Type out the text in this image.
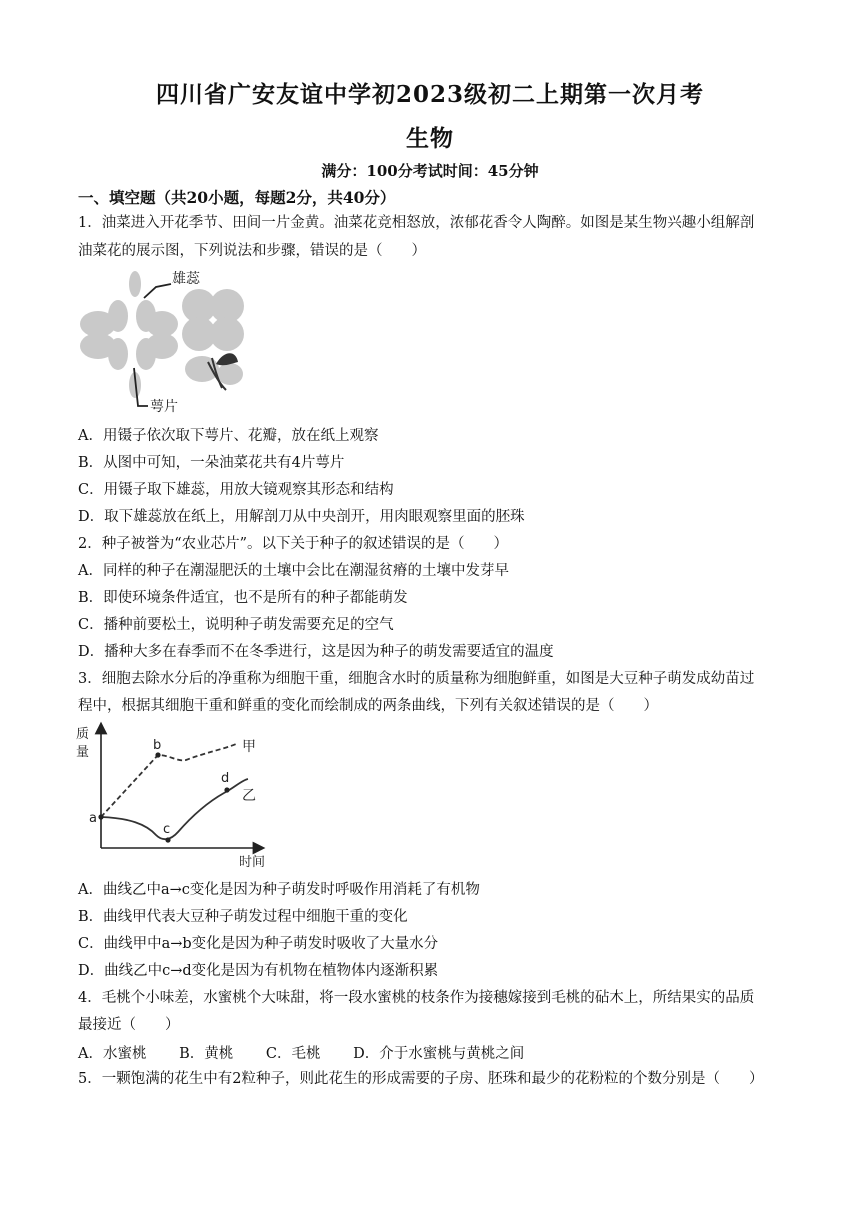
四川省广安友谊中学初2023级初二上期第一次月考
生物
满分：100分考试时间：45分钟
一、填空题（共20小题，每题2分，共40分）
1．油菜进入开花季节、田间一片金黄。油菜花竞相怒放，浓郁花香令人陶醉。如图是某生物兴趣小组解剖
油菜花的展示图，下列说法和步骤，错误的是（　　）
雄蕊
萼片
A．用镊子依次取下萼片、花瓣，放在纸上观察
B．从图中可知，一朵油菜花共有4片萼片
C．用镊子取下雄蕊，用放大镜观察其形态和结构
D．取下雄蕊放在纸上，用解剖刀从中央剖开，用肉眼观察里面的胚珠
2．种子被誉为“农业芯片”。以下关于种子的叙述错误的是（　　）
A．同样的种子在潮湿肥沃的土壤中会比在潮湿贫瘠的土壤中发芽早
B．即使环境条件适宜，也不是所有的种子都能萌发
C．播种前要松土，说明种子萌发需要充足的空气
D．播种大多在春季而不在冬季进行，这是因为种子的萌发需要适宜的温度
3．细胞去除水分后的净重称为细胞干重，细胞含水时的质量称为细胞鲜重，如图是大豆种子萌发成幼苗过
程中，根据其细胞干重和鲜重的变化而绘制成的两条曲线，下列有关叙述错误的是（　　）
质
量
时间
甲
乙
a
b
c
d
A．曲线乙中a→c变化是因为种子萌发时呼吸作用消耗了有机物
B．曲线甲代表大豆种子萌发过程中细胞干重的变化
C．曲线甲中a→b变化是因为种子萌发时吸收了大量水分
D．曲线乙中c→d变化是因为有机物在植物体内逐渐积累
4．毛桃个小味差，水蜜桃个大味甜，将一段水蜜桃的枝条作为接穗嫁接到毛桃的砧木上，所结果实的品质
最接近（　　）
A．水蜜桃 B．黄桃 C．毛桃 D．介于水蜜桃与黄桃之间
5．一颗饱满的花生中有2粒种子，则此花生的形成需要的子房、胚珠和最少的花粉粒的个数分别是（　　）
